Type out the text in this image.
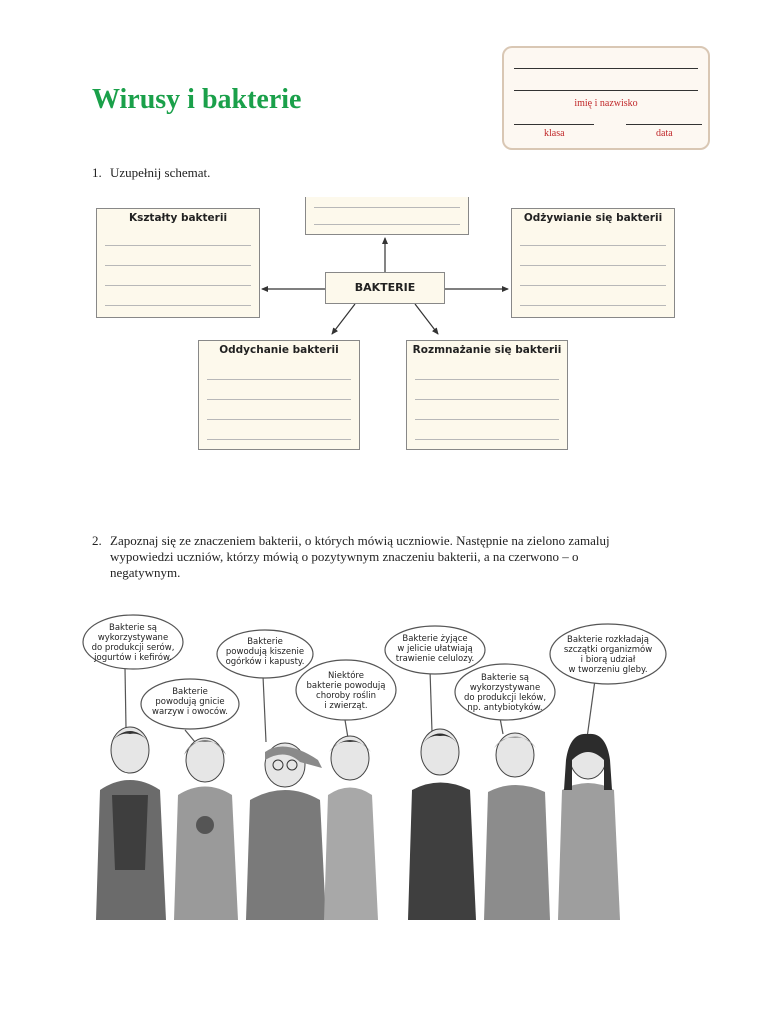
Wirusy i bakterie	imię i nazwisko
klasa	data
1. Uzupełnij schemat.
Kształty bakterii	Odżywianie się bakterii
BAKTERIE
Oddychanie bakterii	Rozmnażanie się bakterii
2. Zapoznaj się ze znaczeniem bakterii, o których mówią uczniowie. Następnie na zielono zamaluj
wypowiedzi uczniów, którzy mówią o pozytywnym znaczeniu bakterii, a na czerwono – o
negatywnym.
Bakterie są
wykorzystywane
do produkcji serów,
jogurtów i kefirów.
Bakterie
powodują gnicie
warzyw i owoców.
Bakterie
powodują kiszenie
ogórków i kapusty.
Niektóre
bakterie powodują
choroby roślin
i zwierząt.
Bakterie żyjące
w jelicie ułatwiają
trawienie celulozy.
Bakterie są
wykorzystywane
do produkcji leków,
np. antybiotyków.
Bakterie rozkładają
szczątki organizmów
i biorą udział
w tworzeniu gleby.
